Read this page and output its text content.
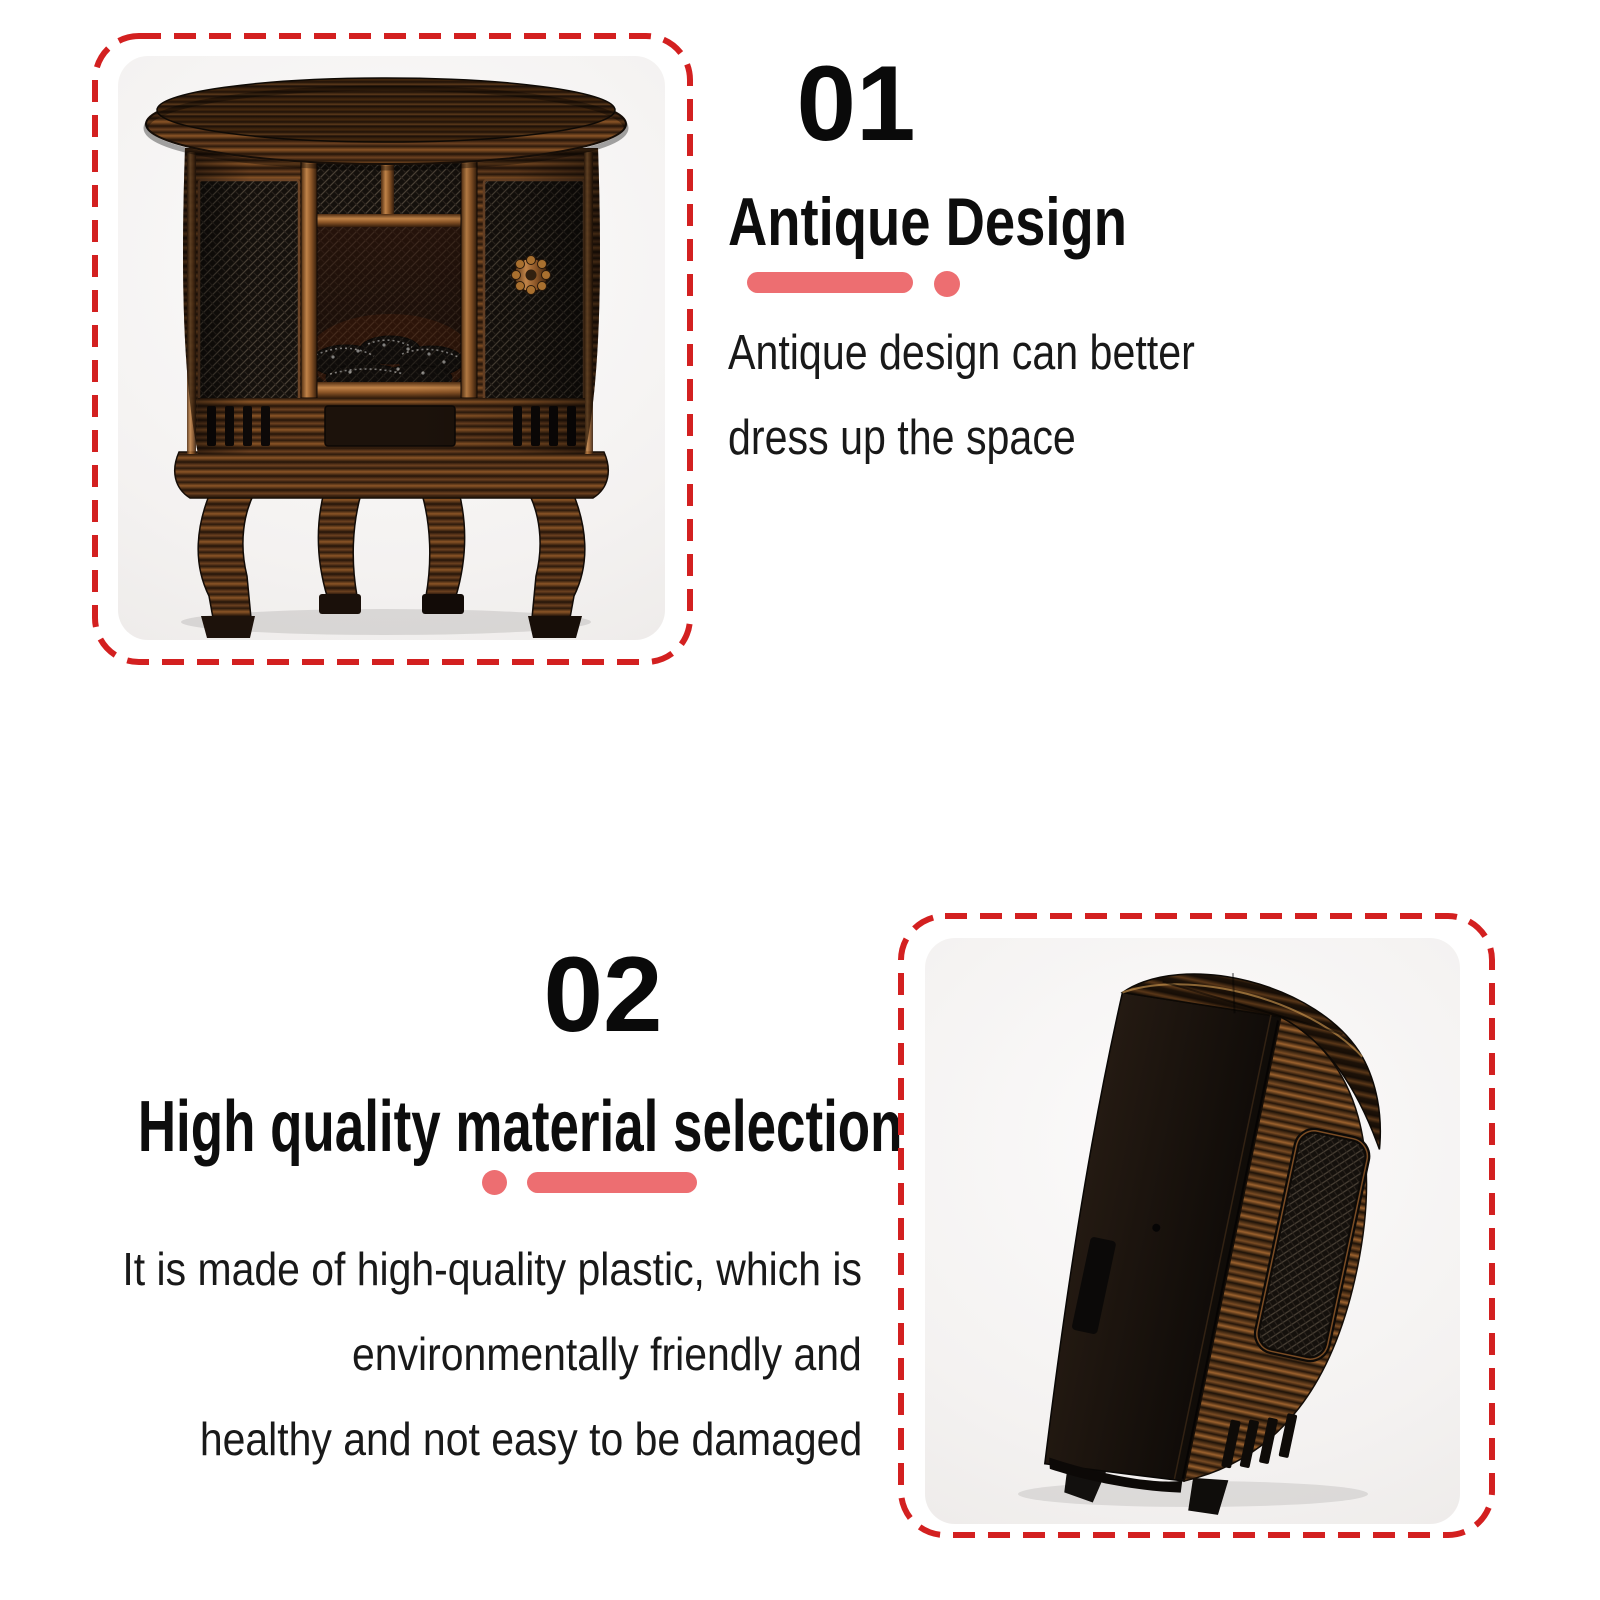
01
Antique Design
Antique design can better
dress up the space
02
High quality material selection
It is made of high-quality plastic, which is
environmentally friendly and
healthy and not easy to be damaged
